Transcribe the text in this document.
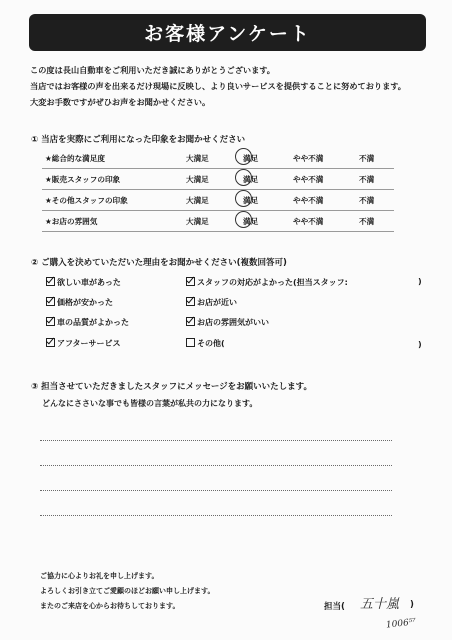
お客様アンケート
この度は長山自動車をご利用いただき誠にありがとうございます。
当店ではお客様の声を出来るだけ現場に反映し、より良いサービスを提供することに努めております。
大変お手数ですがぜひお声をお聞かせください。
① 当店を実際にご利用になった印象をお聞かせください
★総合的な満足度	大満足	満足	やや不満	不満
★販売スタッフの印象	大満足	満足	やや不満	不満
★その他スタッフの印象	大満足	満足	やや不満	不満
★お店の雰囲気	大満足	満足	やや不満	不満
② ご購入を決めていただいた理由をお聞かせください(複数回答可)
欲しい車があった	スタッフの対応がよかった(担当スタッフ:	)
価格が安かった	お店が近い
車の品質がよかった	お店の雰囲気がいい
アフターサービス	その他(	)
③ 担当させていただきましたスタッフにメッセージをお願いいたします。
どんなにささいな事でも皆様の言葉が私共の力になります。
ご協力に心よりお礼を申し上げます。
よろしくお引き立てご愛顧のほどお願い申し上げます。
またのご来店を心からお待ちしております。	担当( 五十嵐 )
1006⁵⁷
